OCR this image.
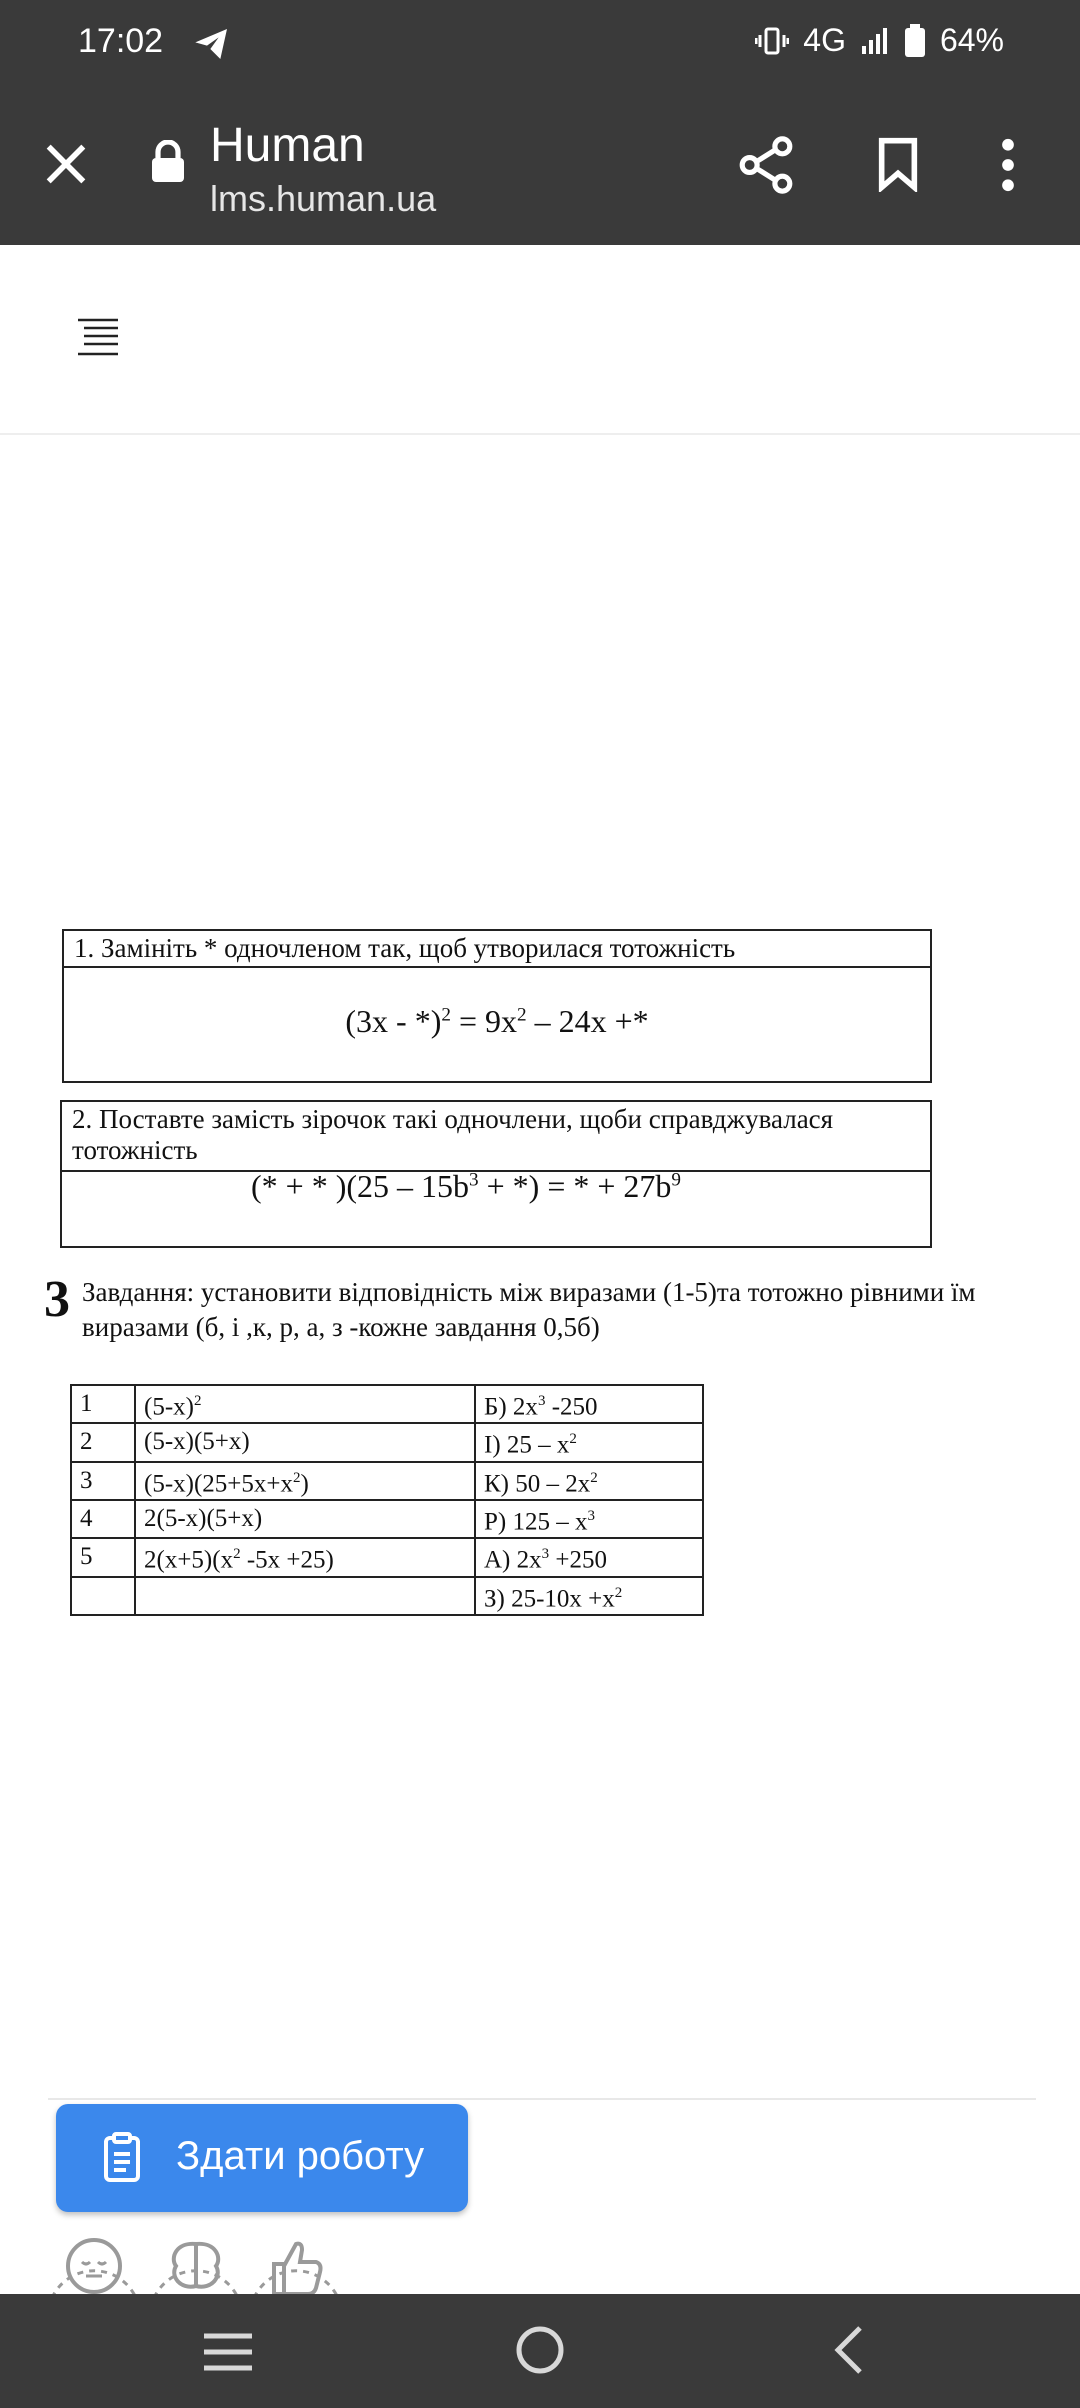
17:02	4G	64%
Human
lms.human.ua
1. Замініть * одночленом так, щоб утворилася тотожність
$(3x - *)^2 = 9x^2 - 24x$ +*
2. Поставте замість зірочок такі одночлени, щоби справджувалася тотожність
(* + * )($25 - 15b^3$ + *) = * + $27b^9$
3 Завдання: установити відповідність між виразами (1-5)та тотожно рівними їм виразами (б, і ,к, р, а, з -кожне завдання 0,5б)
1	$(5-x)^2$	Б) $2x^3$ -250
2	(5-x)(5+x)	І) $25 - x^2$
3	$(5-x)(25+5x+x^2)$	К) $50 - 2x^2$
4	2(5-x)(5+x)	Р) $125 - x^3$
5	$2(x+5)(x^2$ -5x +25)	А) $2x^3 +250$
		З) $25-10x +x^2$
Здати роботу
